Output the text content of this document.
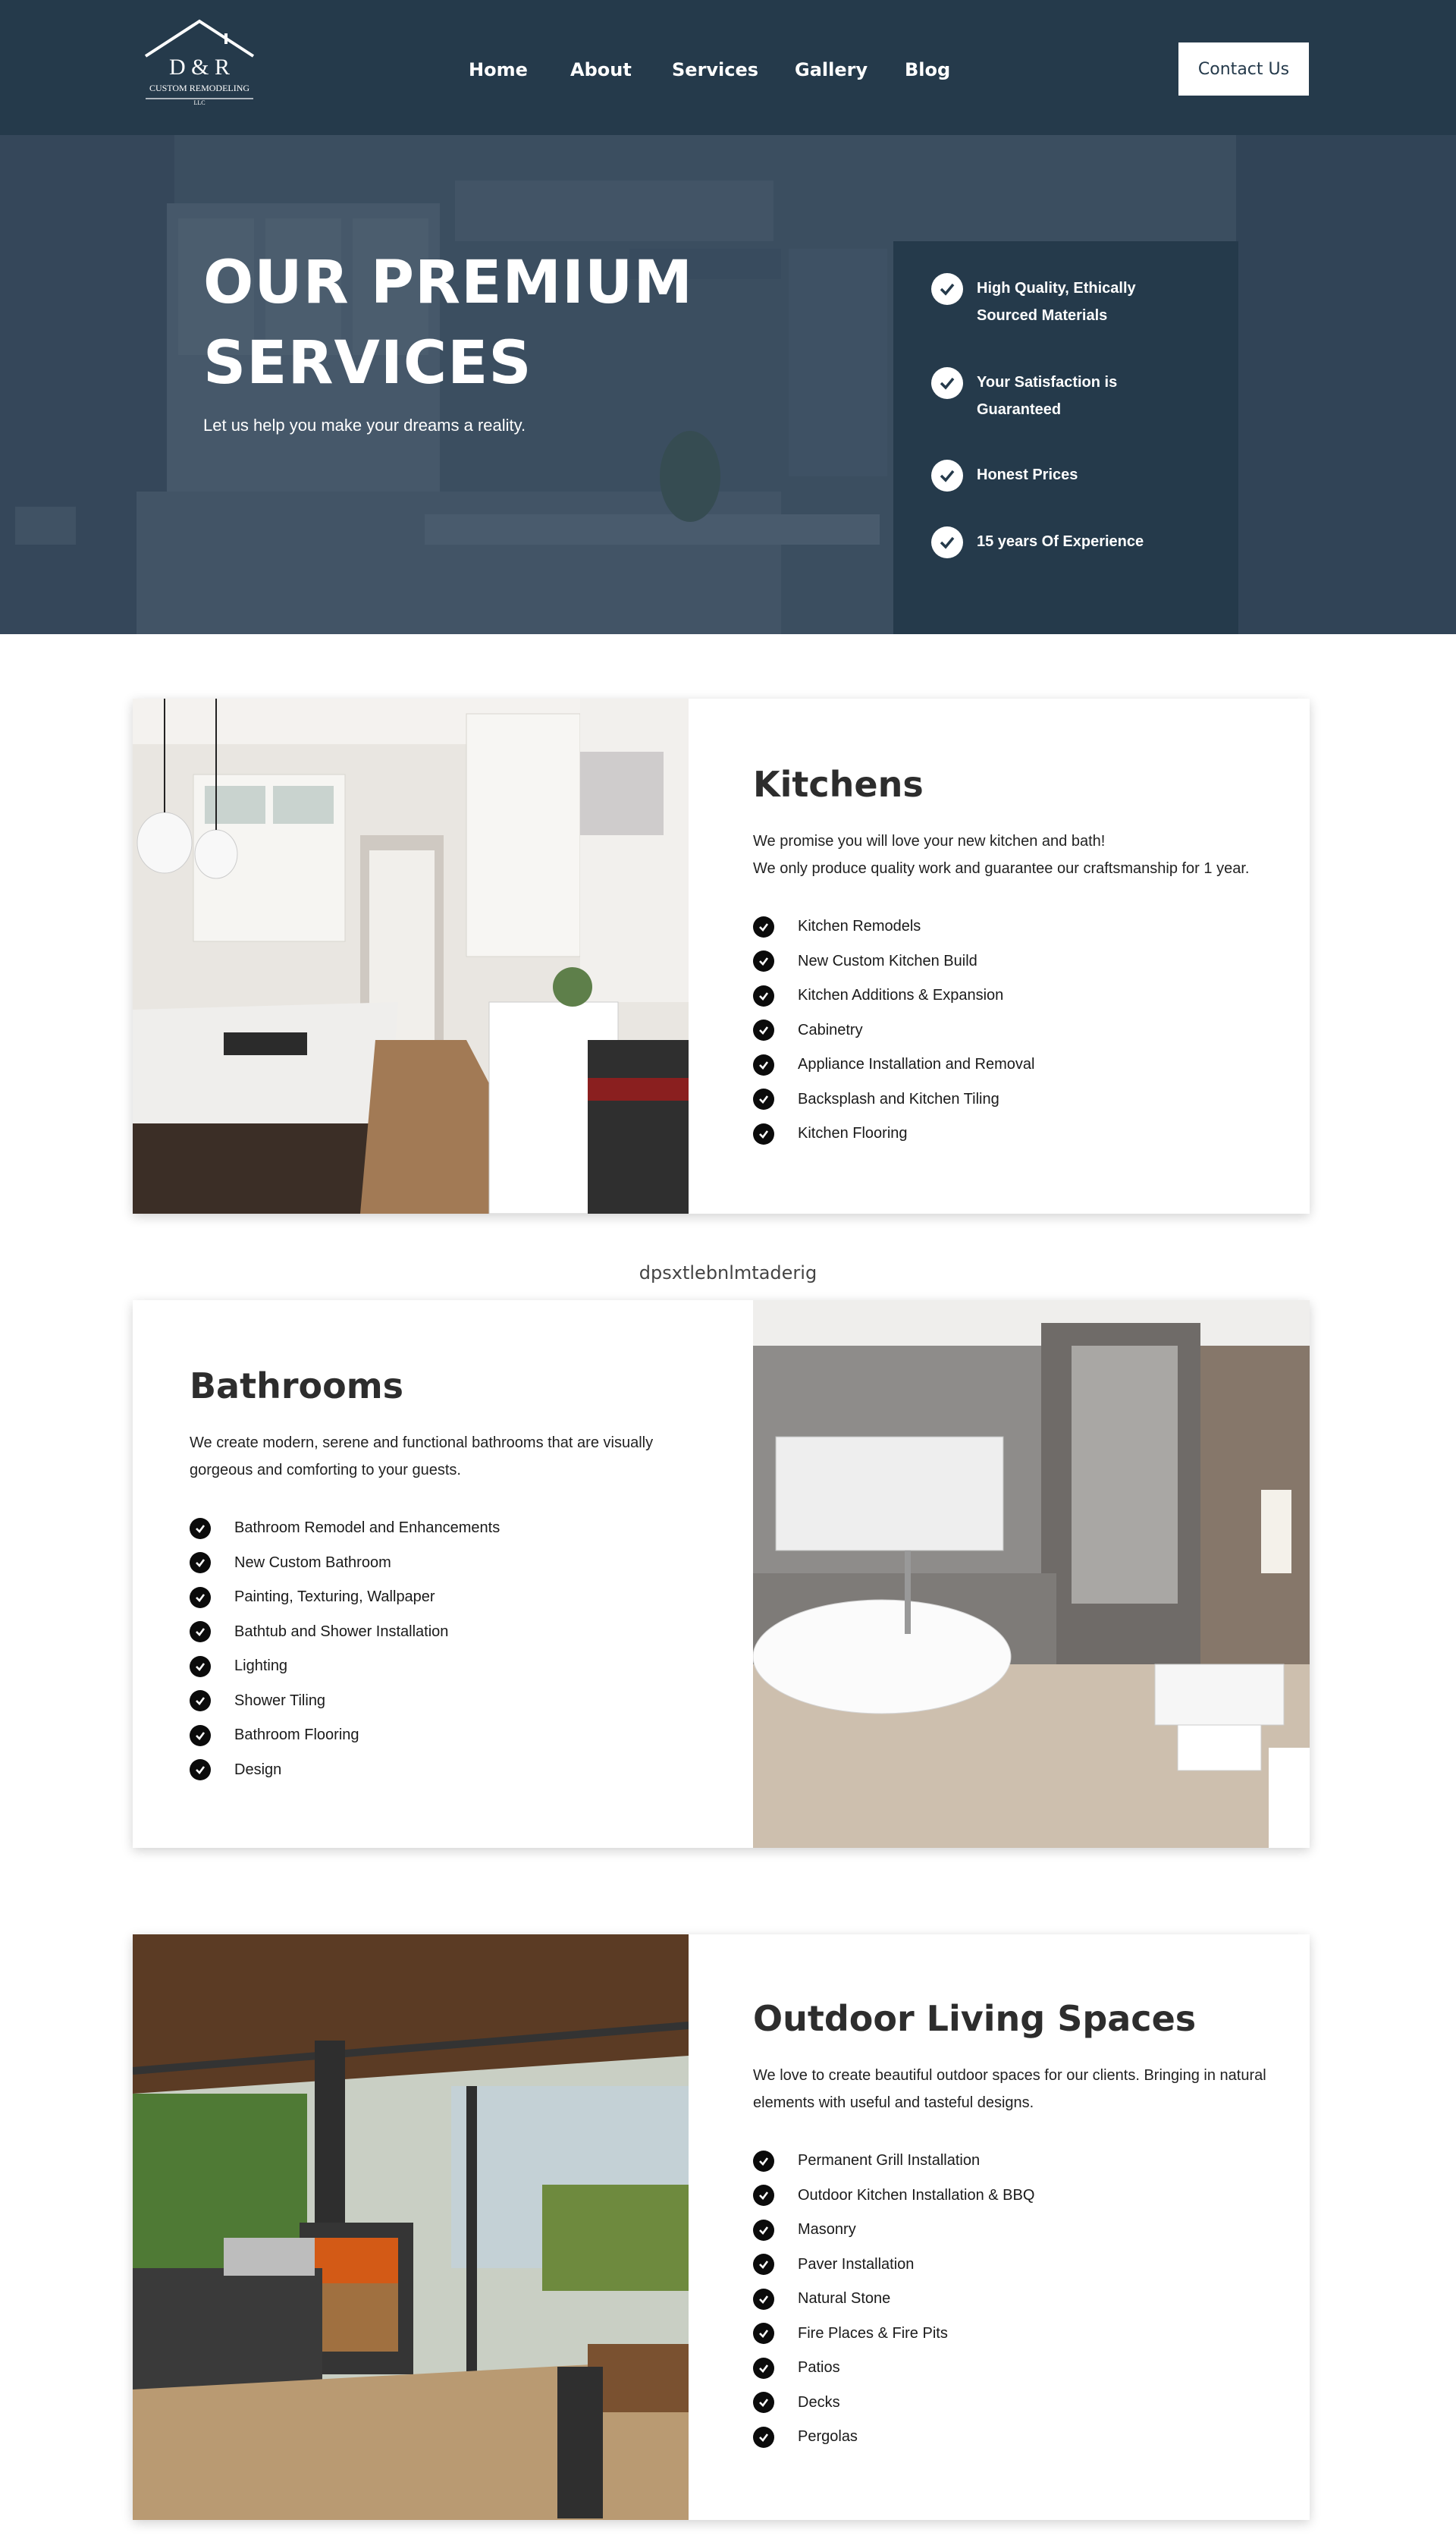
D & R
CUSTOM REMODELING
LLC
Home About Services Gallery Blog	Contact Us
OUR PREMIUM SERVICES

Let us help you make your dreams a reality.

High Quality, Ethically Sourced Materials
Your Satisfaction is Guaranteed
Honest Prices
15 years Of Experience
Kitchens

We promise you will love your new kitchen and bath!
We only produce quality work and guarantee our craftsmanship for 1 year.

Kitchen Remodels
New Custom Kitchen Build
Kitchen Additions & Expansion
Cabinetry
Appliance Installation and Removal
Backsplash and Kitchen Tiling
Kitchen Flooring
dpsxtlebnlmtaderig
Bathrooms

We create modern, serene and functional bathrooms that are visually gorgeous and comforting to your guests.

Bathroom Remodel and Enhancements
New Custom Bathroom
Painting, Texturing, Wallpaper
Bathtub and Shower Installation
Lighting
Shower Tiling
Bathroom Flooring
Design
Outdoor Living Spaces

We love to create beautiful outdoor spaces for our clients. Bringing in natural elements with useful and tasteful designs.

Permanent Grill Installation
Outdoor Kitchen Installation & BBQ
Masonry
Paver Installation
Natural Stone
Fire Places & Fire Pits
Patios
Decks
Pergolas
